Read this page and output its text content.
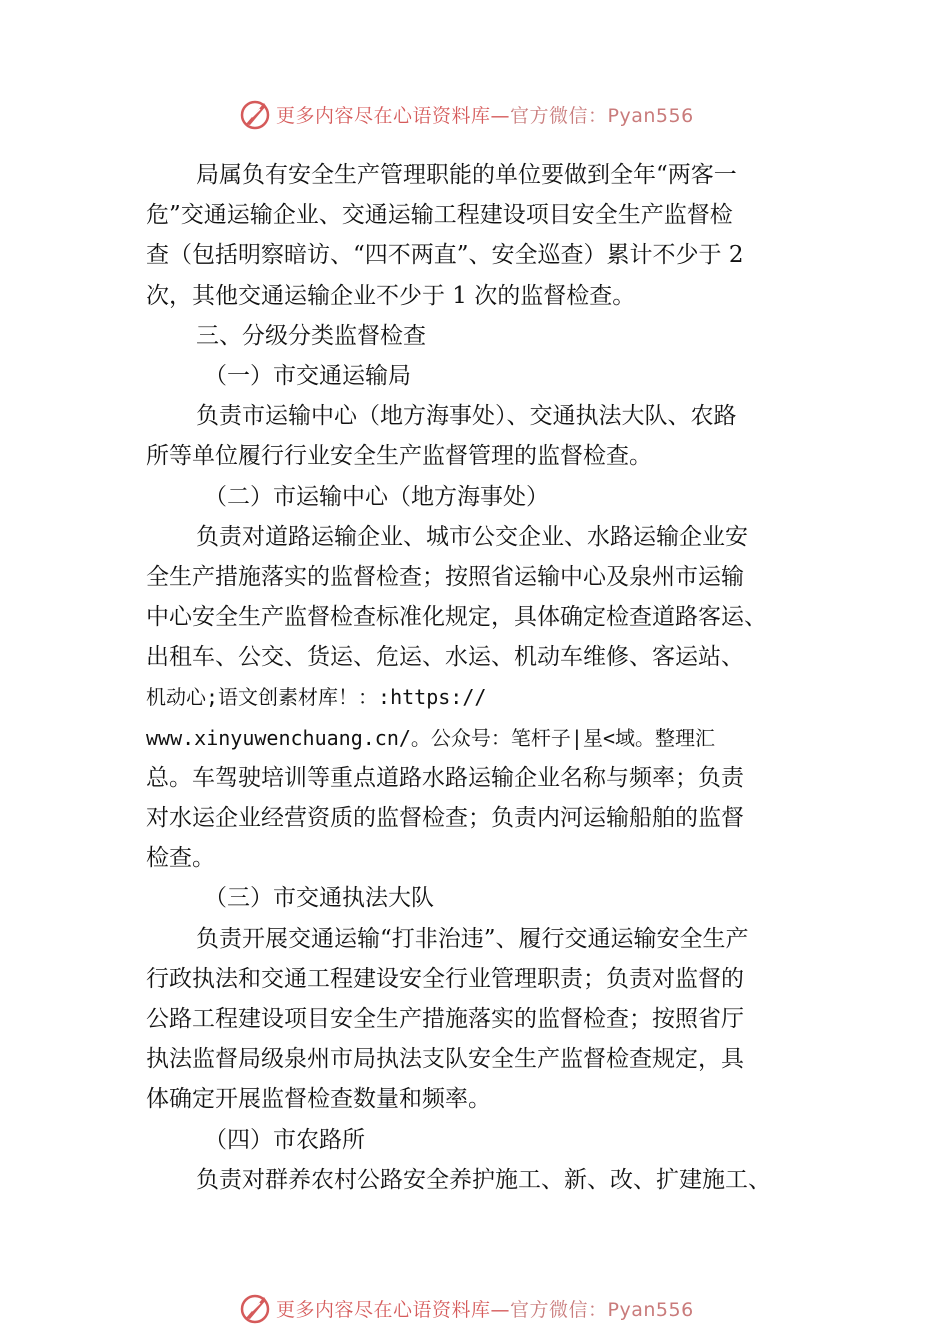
更多内容尽在心语资料库—官方微信：Pyan556
局属负有安全生产管理职能的单位要做到全年“两客一
危”交通运输企业、交通运输工程建设项目安全生产监督检
查（包括明察暗访、“四不两直”、安全巡查）累计不少于 2
次，其他交通运输企业不少于 1 次的监督检查。
三、分级分类监督检查
（一）市交通运输局
负责市运输中心（地方海事处）、交通执法大队、农路
所等单位履行行业安全生产监督管理的监督检查。
（二）市运输中心（地方海事处）
负责对道路运输企业、城市公交企业、水路运输企业安
全生产措施落实的监督检查；按照省运输中心及泉州市运输
中心安全生产监督检查标准化规定，具体确定检查道路客运、
出租车、公交、货运、危运、水运、机动车维修、客运站、
机动心;语文创素材库！：:https://
www.xinyuwenchuang.cn/。公众号：笔杆子|星<域。整理汇
总。车驾驶培训等重点道路水路运输企业名称与频率；负责
对水运企业经营资质的监督检查；负责内河运输船舶的监督
检查。
（三）市交通执法大队
负责开展交通运输“打非治违”、履行交通运输安全生产
行政执法和交通工程建设安全行业管理职责；负责对监督的
公路工程建设项目安全生产措施落实的监督检查；按照省厅
执法监督局级泉州市局执法支队安全生产监督检查规定，具
体确定开展监督检查数量和频率。
（四）市农路所
负责对群养农村公路安全养护施工、新、改、扩建施工、
更多内容尽在心语资料库—官方微信：Pyan556
